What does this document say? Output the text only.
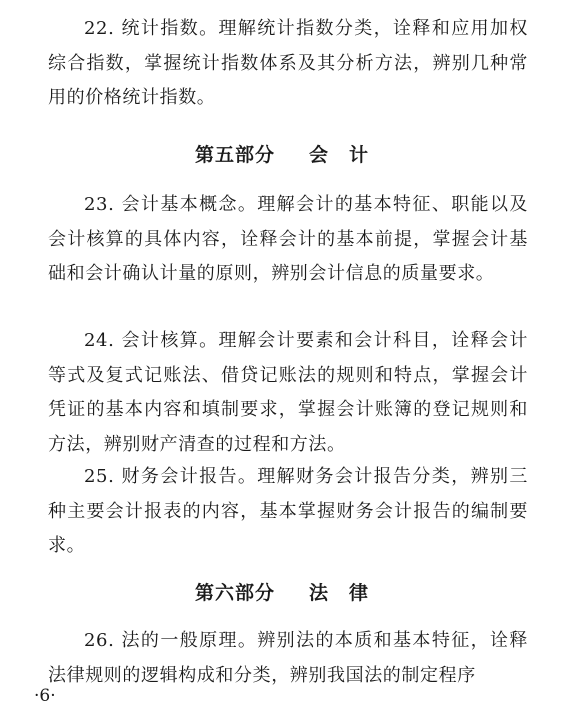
22. 统计指数。理解统计指数分类，诠释和应用加权综合指数，掌握统计指数体系及其分析方法，辨别几种常用的价格统计指数。
第五部分 会　计
23. 会计基本概念。理解会计的基本特征、职能以及会计核算的具体内容，诠释会计的基本前提，掌握会计基础和会计确认计量的原则，辨别会计信息的质量要求。
24. 会计核算。理解会计要素和会计科目，诠释会计等式及复式记账法、借贷记账法的规则和特点，掌握会计凭证的基本内容和填制要求，掌握会计账簿的登记规则和方法，辨别财产清查的过程和方法。
25. 财务会计报告。理解财务会计报告分类，辨别三种主要会计报表的内容，基本掌握财务会计报告的编制要求。
第六部分 法　律
26. 法的一般原理。辨别法的本质和基本特征，诠释法律规则的逻辑构成和分类，辨别我国法的制定程序
·6·
